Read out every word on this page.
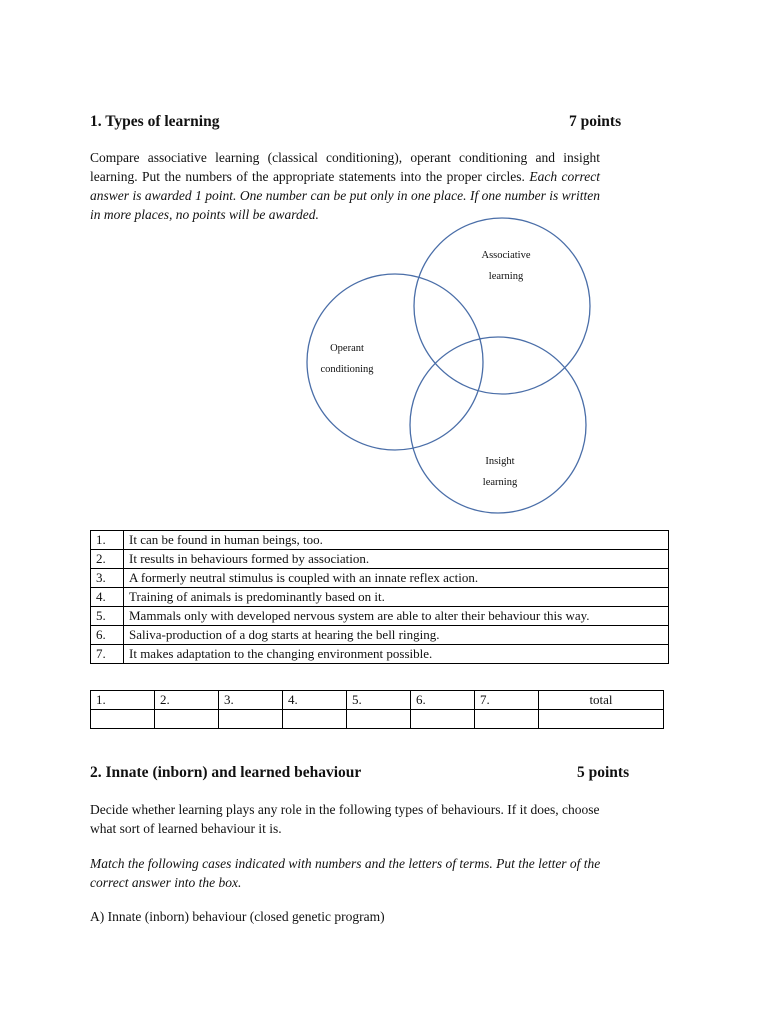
1. Types of learning	7 points
Compare associative learning (classical conditioning), operant conditioning and insight learning. Put the numbers of the appropriate statements into the proper circles. Each correct answer is awarded 1 point. One number can be put only in one place. If one number is written in more places, no points will be awarded.
Associative
learning
Operant
conditioning
Insight
learning
1.	It can be found in human beings, too.
2.	It results in behaviours formed by association.
3.	A formerly neutral stimulus is coupled with an innate reflex action.
4.	Training of animals is predominantly based on it.
5.	Mammals only with developed nervous system are able to alter their behaviour this way.
6.	Saliva-production of a dog starts at hearing the bell ringing.
7.	It makes adaptation to the changing environment possible.
1.	2.	3.	4.	5.	6.	7.	total

2. Innate (inborn) and learned behaviour	5 points
Decide whether learning plays any role in the following types of behaviours. If it does, choose what sort of learned behaviour it is.
Match the following cases indicated with numbers and the letters of terms. Put the letter of the correct answer into the box.
A) Innate (inborn) behaviour (closed genetic program)
